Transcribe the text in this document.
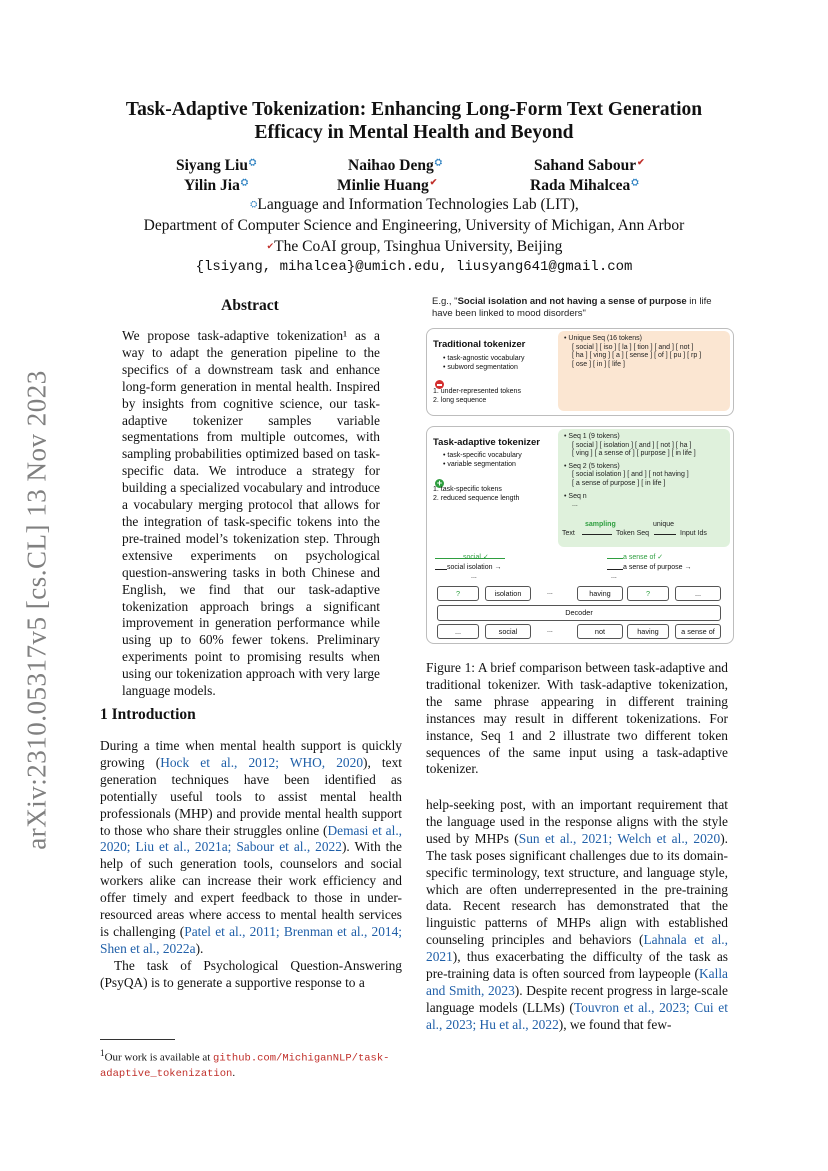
arXiv:2310.05317v5 [cs.CL] 13 Nov 2023
Task-Adaptive Tokenization: Enhancing Long-Form Text Generation
Efficacy in Mental Health and Beyond
Siyang Liu⛭	Naihao Deng⛭	Sahand Sabour✔
Yilin Jia⛭	Minlie Huang✔	Rada Mihalcea⛭
⛭Language and Information Technologies Lab (LIT),
Department of Computer Science and Engineering, University of Michigan, Ann Arbor
✔The CoAI group, Tsinghua University, Beijing
{lsiyang, mihalcea}@umich.edu, liusyang641@gmail.com
Abstract
We propose task-adaptive tokenization¹ as a way to adapt the generation pipeline to the specifics of a downstream task and enhance long-form generation in mental health. Inspired by insights from cognitive science, our task-adaptive tokenizer samples variable segmentations from multiple outcomes, with sampling probabilities optimized based on task-specific data. We introduce a strategy for building a specialized vocabulary and introduce a vocabulary merging protocol that allows for the integration of task-specific tokens into the pre-trained model’s tokenization step. Through extensive experiments on psychological question-answering tasks in both Chinese and English, we find that our task-adaptive tokenization approach brings a significant improvement in generation performance while using up to 60% fewer tokens. Preliminary experiments point to promising results when using our tokenization approach with very large language models.
1 Introduction
During a time when mental health support is quickly growing (Hock et al., 2012; WHO, 2020), text generation techniques have been identified as potentially useful tools to assist mental health professionals (MHP) and provide mental health support to those who share their struggles online (Demasi et al., 2020; Liu et al., 2021a; Sabour et al., 2022). With the help of such generation tools, counselors and social workers alike can increase their work efficiency and offer timely and expert feedback to those in under-resourced areas where access to mental health services is challenging (Patel et al., 2011; Brenman et al., 2014; Shen et al., 2022a).
The task of Psychological Question-Answering (PsyQA) is to generate a supportive response to a
$^1$Our work is available at github.com/MichiganNLP/task-adaptive_tokenization.
help-seeking post, with an important requirement that the language used in the response aligns with the style used by MHPs (Sun et al., 2021; Welch et al., 2020). The task poses significant challenges due to its domain-specific terminology, text structure, and language style, which are often underrepresented in the pre-training data. Recent research has demonstrated that the linguistic patterns of MHPs align with established counseling principles and behaviors (Lahnala et al., 2021), thus exacerbating the difficulty of the task as pre-training data is often sourced from laypeople (Kalla and Smith, 2023). Despite recent progress in large-scale language models (LLMs) (Touvron et al., 2023; Cui et al., 2023; Hu et al., 2022), we found that few-
E.g., "Social isolation and not having a sense of purpose in life have been linked to mood disorders"
• Unique Seq (16 tokens)
[ social ] [ iso ] [ la ] [ tion ] [ and ] [ not ]
[ ha ] [ ving ] [ a ] [ sense ] [ of ] [ pu ] [ rp ]
[ ose ] [ in ] [ life ]
Traditional tokenizer
• task-agnostic vocabulary
• subword segmentation
1. under-represented tokens
2. long sequence
• Seq 1 (9 tokens)
[ social ] [ isolation ] [ and ] [ not ] [ ha ]
[ ving ] [ a sense of ] [ purpose ] [ in life ]
• Seq 2 (5 tokens)
[ social isolation ] [ and ] [ not having ]
[ a sense of purpose ] [ in life ]
• Seq n
...
sampling
Text	Token Seq
unique
Input Ids
Task-adaptive tokenizer
• task-specific vocabulary
• variable segmentation
+
1. task-specific tokens
2. reduced sequence length
social isolation →
...
a sense of ✓
a sense of purpose →
...
?	isolation	...	having	?	...
Decoder
...	social	...	not	having	a sense of
Figure 1: A brief comparison between task-adaptive and traditional tokenizer. With task-adaptive tokenization, the same phrase appearing in different training instances may result in different tokenizations. For instance, Seq 1 and 2 illustrate two different token sequences of the same input using a task-adaptive tokenizer.
